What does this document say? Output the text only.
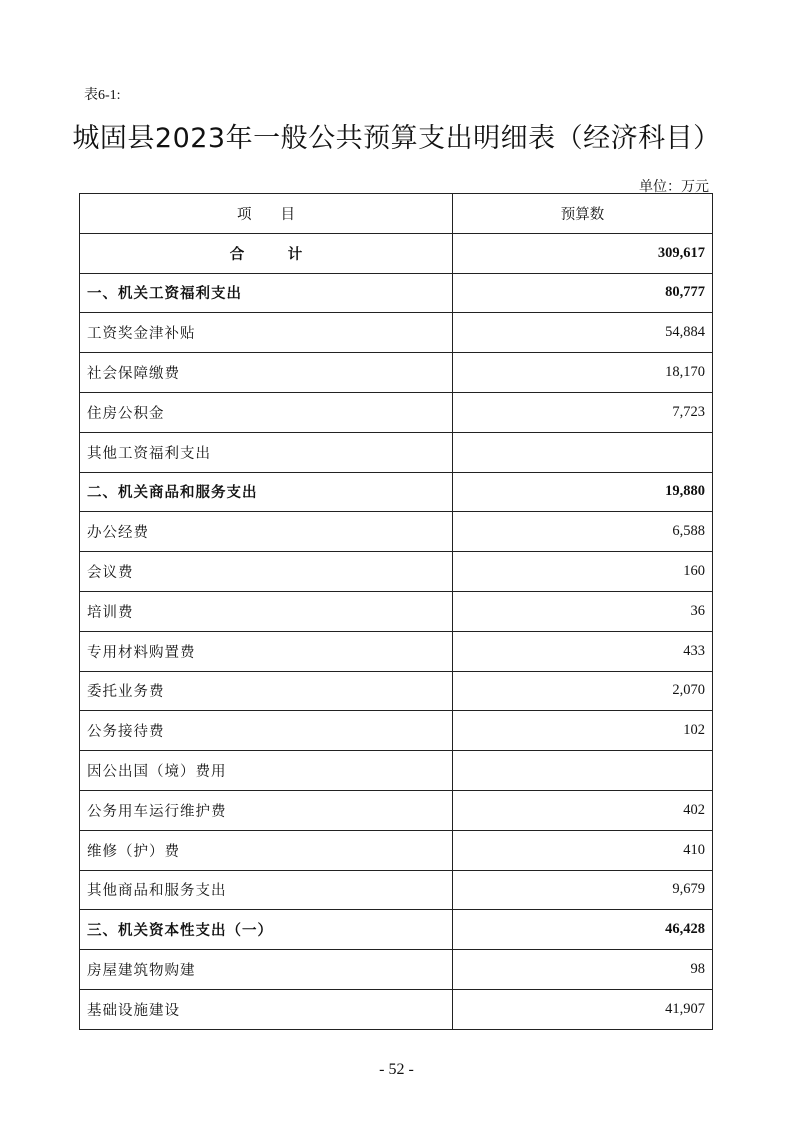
表6-1:
城固县2023年一般公共预算支出明细表（经济科目）
单位：万元
项　　目	预算数
合　　　计	309,617
一、机关工资福利支出	80,777
工资奖金津补贴	54,884
社会保障缴费	18,170
住房公积金	7,723
其他工资福利支出	
二、机关商品和服务支出	19,880
办公经费	6,588
会议费	160
培训费	36
专用材料购置费	433
委托业务费	2,070
公务接待费	102
因公出国（境）费用	
公务用车运行维护费	402
维修（护）费	410
其他商品和服务支出	9,679
三、机关资本性支出（一）	46,428
房屋建筑物购建	98
基础设施建设	41,907
- 52 -
